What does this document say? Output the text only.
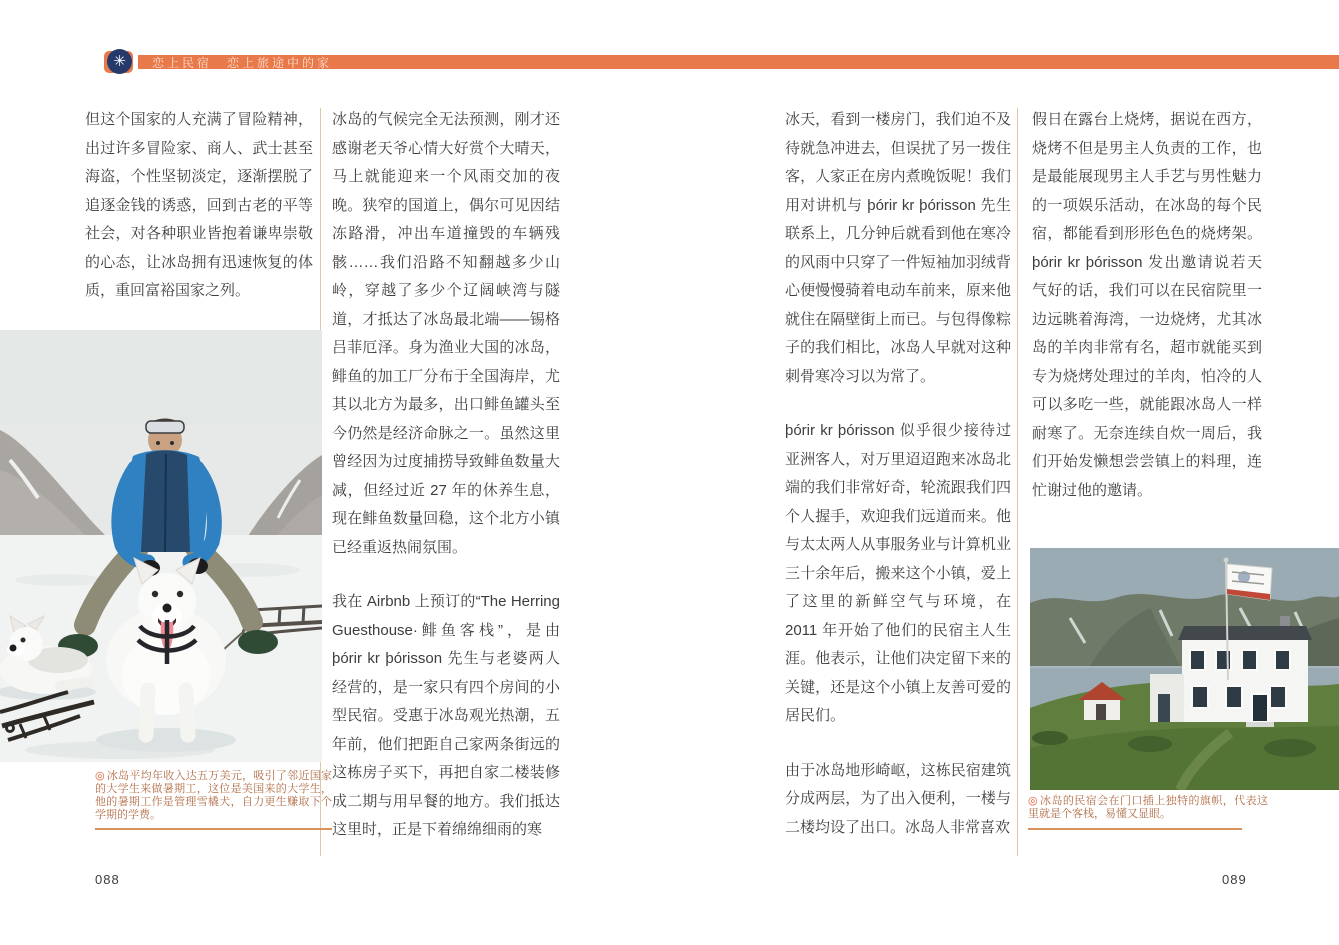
✳ 恋上民宿　恋上旅途中的家

但这个国家的人充满了冒险精神，出过许多冒险家、商人、武士甚至海盗，个性坚韧淡定，逐渐摆脱了追逐金钱的诱惑，回到古老的平等社会，对各种职业皆抱着谦卑崇敬的心态，让冰岛拥有迅速恢复的体质，重回富裕国家之列。

冰岛的气候完全无法预测，刚才还感谢老天爷心情大好赏个大晴天，马上就能迎来一个风雨交加的夜晚。狭窄的国道上，偶尔可见因结冻路滑，冲出车道撞毁的车辆残骸……我们沿路不知翻越多少山岭，穿越了多少个辽阔峡湾与隧道，才抵达了冰岛最北端——锡格吕菲厄泽。身为渔业大国的冰岛，鲱鱼的加工厂分布于全国海岸，尤其以北方为最多，出口鲱鱼罐头至今仍然是经济命脉之一。虽然这里曾经因为过度捕捞导致鲱鱼数量大减，但经过近 27 年的休养生息，现在鲱鱼数量回稳，这个北方小镇已经重返热闹氛围。

我在 Airbnb 上预订的“The Herring Guesthouse·鲱鱼客栈”，是由 þórir kr þórisson 先生与老婆两人经营的，是一家只有四个房间的小型民宿。受惠于冰岛观光热潮，五年前，他们把距自己家两条街远的这栋房子买下，再把自家二楼装修成二期与用早餐的地方。我们抵达这里时，正是下着绵绵细雨的寒

冰天，看到一楼房门，我们迫不及待就急冲进去，但误扰了另一拨住客，人家正在房内煮晚饭呢！我们用对讲机与 þórir kr þórisson 先生联系上，几分钟后就看到他在寒冷的风雨中只穿了一件短袖加羽绒背心便慢慢骑着电动车前来，原来他就住在隔壁街上而已。与包得像粽子的我们相比，冰岛人早就对这种刺骨寒冷习以为常了。

þórir kr þórisson 似乎很少接待过亚洲客人，对万里迢迢跑来冰岛北端的我们非常好奇，轮流跟我们四个人握手，欢迎我们远道而来。他与太太两人从事服务业与计算机业三十余年后，搬来这个小镇，爱上了这里的新鲜空气与环境，在 2011 年开始了他们的民宿主人生涯。他表示，让他们决定留下来的关键，还是这个小镇上友善可爱的居民们。

由于冰岛地形崎岖，这栋民宿建筑分成两层，为了出入便利，一楼与二楼均设了出口。冰岛人非常喜欢

假日在露台上烧烤，据说在西方，烧烤不但是男主人负责的工作，也是最能展现男主人手艺与男性魅力的一项娱乐活动，在冰岛的每个民宿，都能看到形形色色的烧烤架。þórir kr þórisson 发出邀请说若天气好的话，我们可以在民宿院里一边远眺着海湾，一边烧烤，尤其冰岛的羊肉非常有名，超市就能买到专为烧烤处理过的羊肉，怕冷的人可以多吃一些，就能跟冰岛人一样耐寒了。无奈连续自炊一周后，我们开始发懒想尝尝镇上的料理，连忙谢过他的邀请。

◎ 冰岛平均年收入达五万美元，吸引了邻近国家的大学生来做暑期工，这位是美国来的大学生，他的暑期工作是管理雪橇犬，自力更生赚取下个学期的学费。
◎ 冰岛的民宿会在门口插上独特的旗帜，代表这里就是个客栈，易懂又显眼。
088	089
